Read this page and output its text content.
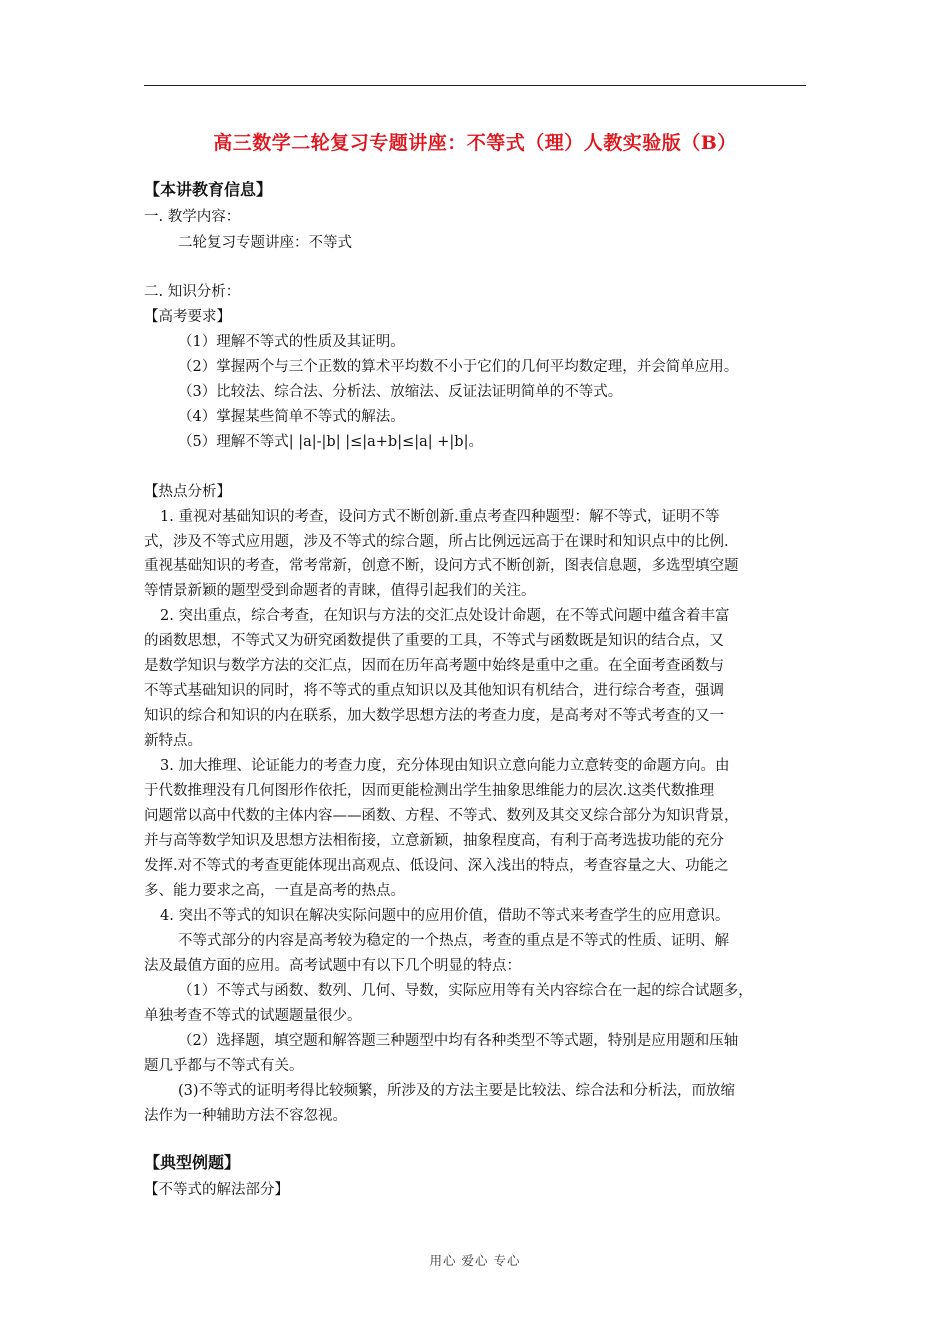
高三数学二轮复习专题讲座：不等式（理）人教实验版（B）
【本讲教育信息】
一. 教学内容：
二轮复习专题讲座：不等式
二. 知识分析：
【高考要求】
（1）理解不等式的性质及其证明。
（2）掌握两个与三个正数的算术平均数不小于它们的几何平均数定理，并会简单应用。
（3）比较法、综合法、分析法、放缩法、反证法证明简单的不等式。
（4）掌握某些简单不等式的解法。
（5）理解不等式| |a|-|b| |≤|a+b|≤|a| +|b|。
【热点分析】
1. 重视对基础知识的考查，设问方式不断创新.重点考查四种题型：解不等式，证明不等
式，涉及不等式应用题，涉及不等式的综合题，所占比例远远高于在课时和知识点中的比例.
重视基础知识的考查，常考常新，创意不断，设问方式不断创新，图表信息题，多选型填空题
等情景新颖的题型受到命题者的青睐，值得引起我们的关注。
2. 突出重点，综合考查，在知识与方法的交汇点处设计命题，在不等式问题中蕴含着丰富
的函数思想，不等式又为研究函数提供了重要的工具，不等式与函数既是知识的结合点，又
是数学知识与数学方法的交汇点，因而在历年高考题中始终是重中之重。在全面考查函数与
不等式基础知识的同时，将不等式的重点知识以及其他知识有机结合，进行综合考查，强调
知识的综合和知识的内在联系，加大数学思想方法的考查力度，是高考对不等式考查的又一
新特点。
3. 加大推理、论证能力的考查力度，充分体现由知识立意向能力立意转变的命题方向。由
于代数推理没有几何图形作依托，因而更能检测出学生抽象思维能力的层次.这类代数推理
问题常以高中代数的主体内容——函数、方程、不等式、数列及其交叉综合部分为知识背景，
并与高等数学知识及思想方法相衔接，立意新颖，抽象程度高，有利于高考选拔功能的充分
发挥.对不等式的考查更能体现出高观点、低设问、深入浅出的特点，考查容量之大、功能之
多、能力要求之高，一直是高考的热点。
4. 突出不等式的知识在解决实际问题中的应用价值，借助不等式来考查学生的应用意识。
不等式部分的内容是高考较为稳定的一个热点，考查的重点是不等式的性质、证明、解
法及最值方面的应用。高考试题中有以下几个明显的特点：
（1）不等式与函数、数列、几何、导数，实际应用等有关内容综合在一起的综合试题多，
单独考查不等式的试题题量很少。
（2）选择题，填空题和解答题三种题型中均有各种类型不等式题，特别是应用题和压轴
题几乎都与不等式有关。
(3)不等式的证明考得比较频繁，所涉及的方法主要是比较法、综合法和分析法，而放缩
法作为一种辅助方法不容忽视。
【典型例题】
【不等式的解法部分】
用心 爱心 专心
